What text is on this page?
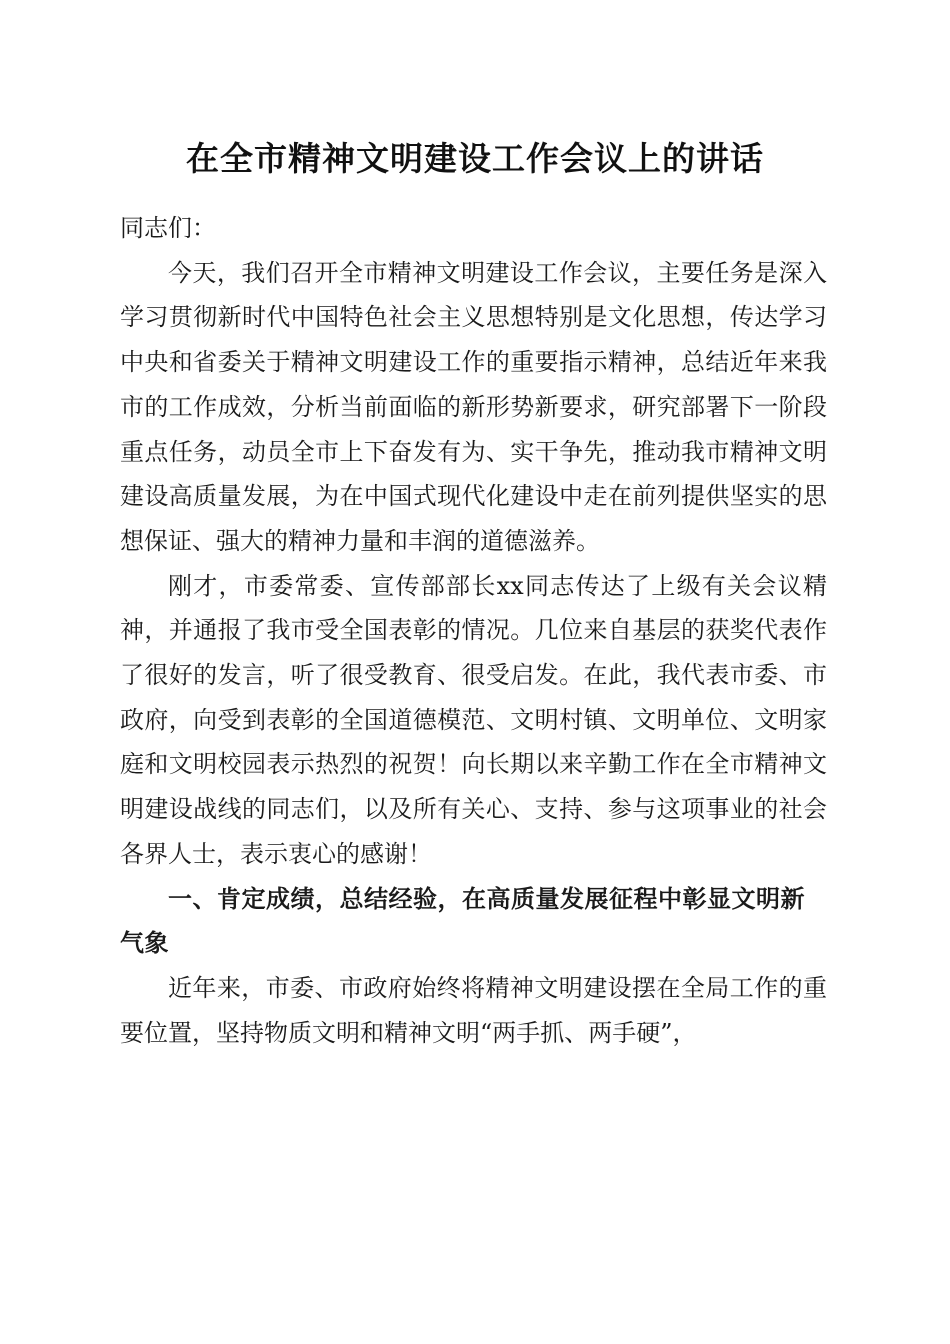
在全市精神文明建设工作会议上的讲话

同志们：

今天，我们召开全市精神文明建设工作会议，主要任务是深入学习贯彻新时代中国特色社会主义思想特别是文化思想，传达学习中央和省委关于精神文明建设工作的重要指示精神，总结近年来我市的工作成效，分析当前面临的新形势新要求，研究部署下一阶段重点任务，动员全市上下奋发有为、实干争先，推动我市精神文明建设高质量发展，为在中国式现代化建设中走在前列提供坚实的思想保证、强大的精神力量和丰润的道德滋养。

刚才，市委常委、宣传部部长xx同志传达了上级有关会议精神，并通报了我市受全国表彰的情况。几位来自基层的获奖代表作了很好的发言，听了很受教育、很受启发。在此，我代表市委、市政府，向受到表彰的全国道德模范、文明村镇、文明单位、文明家庭和文明校园表示热烈的祝贺！向长期以来辛勤工作在全市精神文明建设战线的同志们，以及所有关心、支持、参与这项事业的社会各界人士，表示衷心的感谢！

一、肯定成绩，总结经验，在高质量发展征程中彰显文明新气象

近年来，市委、市政府始终将精神文明建设摆在全局工作的重要位置，坚持物质文明和精神文明“两手抓、两手硬”，
